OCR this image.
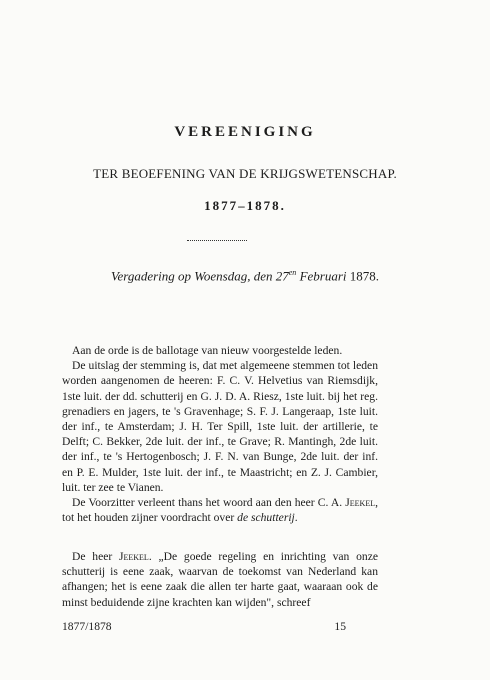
VEREENIGING
TER BEOEFENING VAN DE KRIJGSWETENSCHAP.
1877–1878.
Vergadering op Woensdag, den $27^{en}$ Februari 1878.
Aan de orde is de ballotage van nieuw voorgestelde leden.
De uitslag der stemming is, dat met algemeene stemmen tot leden worden aangenomen de heeren: F. C. V. Helvetius van Riemsdijk, 1ste luit. der dd. schutterij en G. J. D. A. Riesz, 1ste luit. bij het reg. grenadiers en jagers, te 's Gravenhage; S. F. J. Langeraap, 1ste luit. der inf., te Amsterdam; J. H. Ter Spill, 1ste luit. der artillerie, te Delft; C. Bekker, 2de luit. der inf., te Grave; R. Mantingh, 2de luit. der inf., te 's Hertogenbosch; J. F. N. van Bunge, 2de luit. der inf. en P. E. Mulder, 1ste luit. der inf., te Maastricht; en Z. J. Cambier, luit. ter zee te Vianen.
De Voorzitter verleent thans het woord aan den heer C. A. Jeekel, tot het houden zijner voordracht over de schutterij.
De heer Jeekel. „De goede regeling en inrichting van onze schutterij is eene zaak, waarvan de toekomst van Nederland kan afhangen; het is eene zaak die allen ter harte gaat, waaraan ook de minst beduidende zijne krachten kan wijden", schreef
1877/1878	15
